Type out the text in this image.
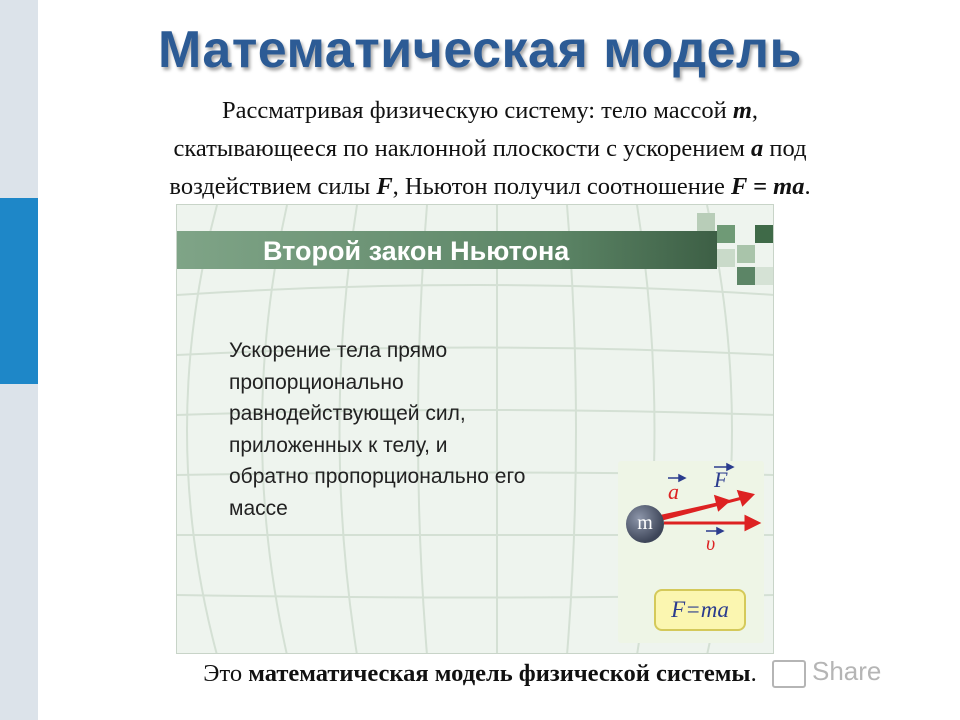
Математическая модель
Рассматривая физическую систему: тело массой m,
скатывающееся по наклонной плоскости с ускорением a под
воздействием силы F, Ньютон получил соотношение F = ma.
Второй закон Ньютона
Ускорение тела прямо
пропорционально
равнодействующей сил,
приложенных к телу, и
обратно пропорционально его
массе
a F
υ
m
F=ma
Это математическая модель физической системы.	Share
